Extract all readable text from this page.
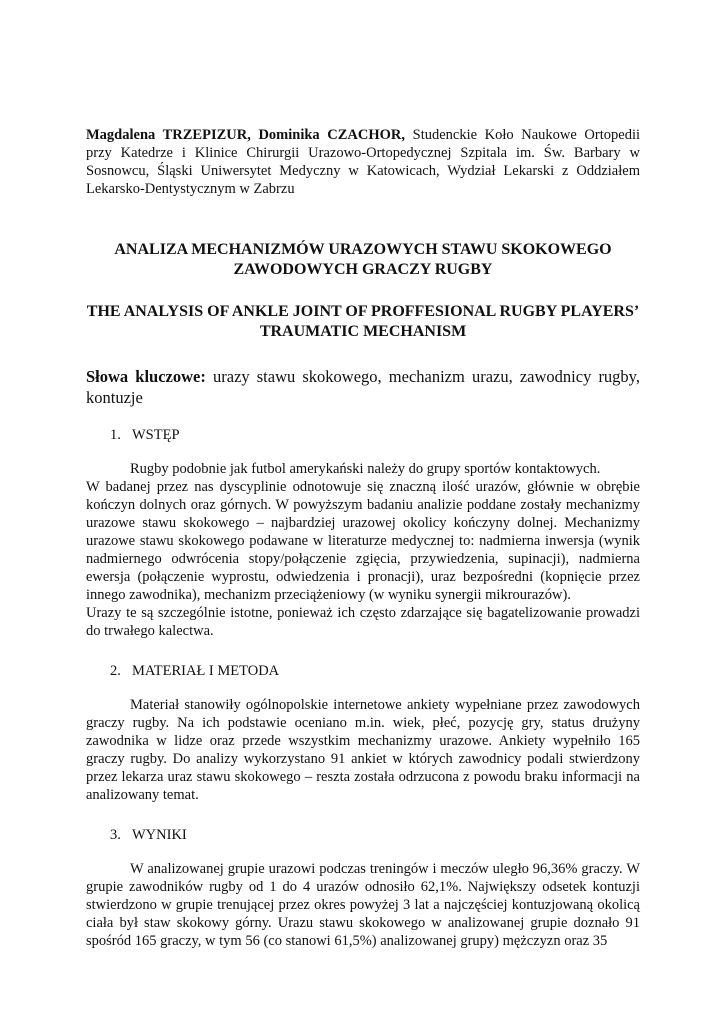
Magdalena TRZEPIZUR, Dominika CZACHOR, Studenckie Koło Naukowe Ortopedii przy Katedrze i Klinice Chirurgii Urazowo-Ortopedycznej Szpitala im. Św. Barbary w Sosnowcu, Śląski Uniwersytet Medyczny w Katowicach, Wydział Lekarski z Oddziałem Lekarsko-Dentystycznym w Zabrzu

ANALIZA MECHANIZMÓW URAZOWYCH STAWU SKOKOWEGO ZAWODOWYCH GRACZY RUGBY

THE ANALYSIS OF ANKLE JOINT OF PROFFESIONAL RUGBY PLAYERS’ TRAUMATIC MECHANISM

Słowa kluczowe: urazy stawu skokowego, mechanizm urazu, zawodnicy rugby, kontuzje

1. WSTĘP

Rugby podobnie jak futbol amerykański należy do grupy sportów kontaktowych.

W badanej przez nas dyscyplinie odnotowuje się znaczną ilość urazów, głównie w obrębie kończyn dolnych oraz górnych. W powyższym badaniu analizie poddane zostały mechanizmy urazowe stawu skokowego – najbardziej urazowej okolicy kończyny dolnej. Mechanizmy urazowe stawu skokowego podawane w literaturze medycznej to: nadmierna inwersja (wynik nadmiernego odwrócenia stopy/połączenie zgięcia, przywiedzenia, supinacji), nadmierna ewersja (połączenie wyprostu, odwiedzenia i pronacji), uraz bezpośredni (kopnięcie przez innego zawodnika), mechanizm przeciążeniowy (w wyniku synergii mikrourazów).

Urazy te są szczególnie istotne, ponieważ ich często zdarzające się bagatelizowanie prowadzi do trwałego kalectwa.

2. MATERIAŁ I METODA

Materiał stanowiły ogólnopolskie internetowe ankiety wypełniane przez zawodowych graczy rugby. Na ich podstawie oceniano m.in. wiek, płeć, pozycję gry, status drużyny zawodnika w lidze oraz przede wszystkim mechanizmy urazowe. Ankiety wypełniło 165 graczy rugby. Do analizy wykorzystano 91 ankiet w których zawodnicy podali stwierdzony przez lekarza uraz stawu skokowego – reszta została odrzucona z powodu braku informacji na analizowany temat.

3. WYNIKI

W analizowanej grupie urazowi podczas treningów i meczów uległo 96,36% graczy. W grupie zawodników rugby od 1 do 4 urazów odnosiło 62,1%. Największy odsetek kontuzji stwierdzono w grupie trenującej przez okres powyżej 3 lat a najczęściej kontuzjowaną okolicą ciała był staw skokowy górny. Urazu stawu skokowego w analizowanej grupie doznało 91 spośród 165 graczy, w tym 56 (co stanowi 61,5%) analizowanej grupy) mężczyzn oraz 35
